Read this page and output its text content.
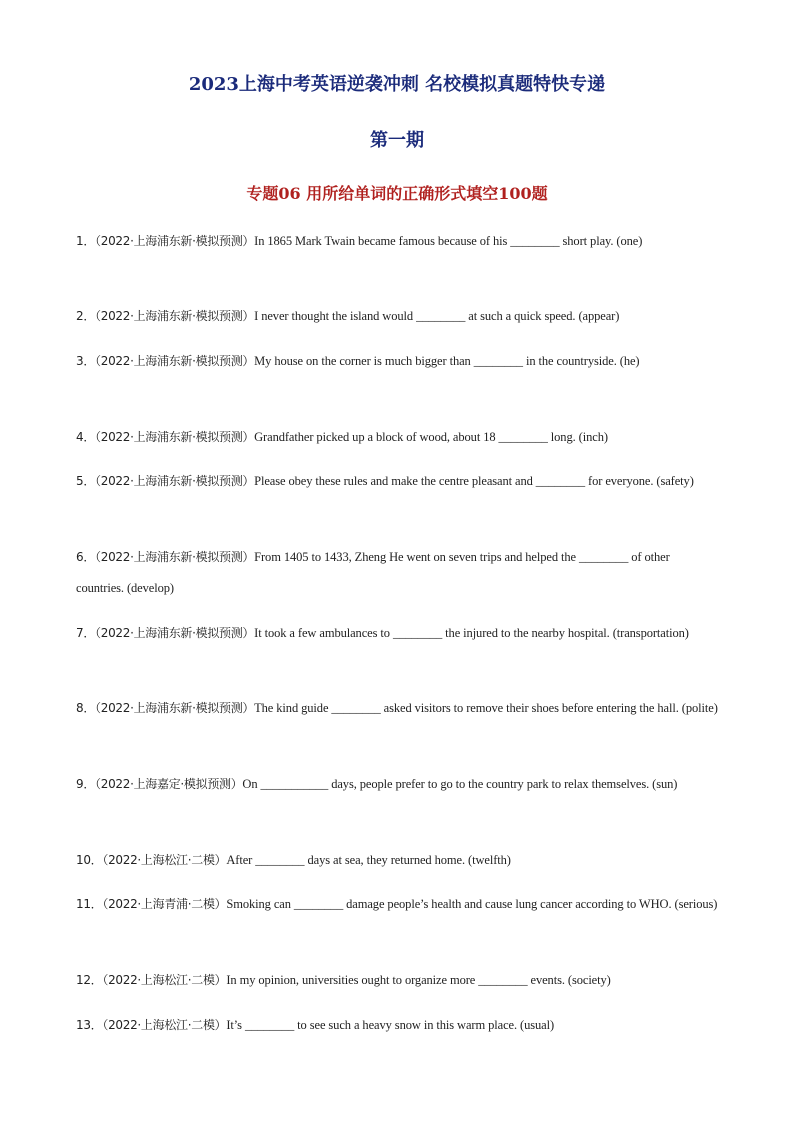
2023上海中考英语逆袭冲刺 名校模拟真题特快专递
第一期
专题06 用所给单词的正确形式填空100题
1．（2022·上海浦东新·模拟预测）In 1865 Mark Twain became famous because of his ________ short play. (one)
2．（2022·上海浦东新·模拟预测）I never thought the island would ________ at such a quick speed. (appear)
3．（2022·上海浦东新·模拟预测）My house on the corner is much bigger than ________ in the countryside. (he)
4．（2022·上海浦东新·模拟预测）Grandfather picked up a block of wood, about 18 ________ long. (inch)
5．（2022·上海浦东新·模拟预测）Please obey these rules and make the centre pleasant and ________ for everyone. (safety)
6．（2022·上海浦东新·模拟预测）From 1405 to 1433, Zheng He went on seven trips and helped the ________ of other countries. (develop)
7．（2022·上海浦东新·模拟预测）It took a few ambulances to ________ the injured to the nearby hospital. (transportation)
8．（2022·上海浦东新·模拟预测）The kind guide ________ asked visitors to remove their shoes before entering the hall. (polite)
9．（2022·上海嘉定·模拟预测）On ___________ days, people prefer to go to the country park to relax themselves. (sun)
10．（2022·上海松江·二模）After ________ days at sea, they returned home. (twelfth)
11．（2022·上海青浦·二模）Smoking can ________ damage people’s health and cause lung cancer according to WHO. (serious)
12．（2022·上海松江·二模）In my opinion, universities ought to organize more ________ events. (society)
13．（2022·上海松江·二模）It’s ________ to see such a heavy snow in this warm place. (usual)
